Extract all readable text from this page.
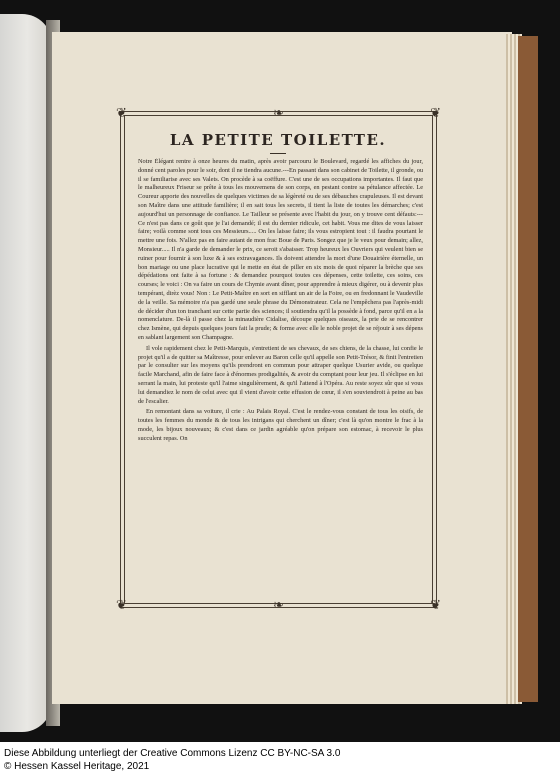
❦	❦
❦	❦
❧
❧
LA PETITE TOILETTE.

Notre Élégant rentre à onze heures du matin, après avoir parcouru le Boulevard, regardé les affiches du jour, donné cent paroles pour le soir, dont il ne tiendra aucune.---En passant dans son cabinet de Toilette, il gronde, ou il se familiarise avec ses Valets. On procède à sa coëffure. C'est une de ses occupations importantes. Il faut que le malheureux Friseur se prête à tous les mouvemens de son corps, en pestant contre sa pétulance affectée. Le Coureur apporte des nouvelles de quelques victimes de sa légèreté ou de ses débauches crapuleuses. Il est devant son Maître dans une attitude familière; il en sait tous les secrets, il tient la liste de toutes les démarches; c'est aujourd'hui un personnage de confiance. Le Tailleur se présente avec l'habit du jour, on y trouve cent défauts:---Ce n'est pas dans ce goût que je l'ai demandé; il est du dernier ridicule, cet habit. Vous me dites de vous laisser faire; voilà comme sont tous ces Messieurs..... On les laisse faire; ils vous estropient tout : il faudra pourtant le mettre une fois. N'allez pas en faire autant de mon frac Boue de Paris. Songez que je le veux pour demain; allez, Monsieur..... Il n'a garde de demander le prix, ce seroit s'abaisser. Trop heureux les Ouvriers qui veulent bien se ruiner pour fournir à son luxe & à ses extravagances. Ils doivent attendre la mort d'une Douairière éternelle, un bon mariage ou une place lucrative qui le mette en état de piller en six mois de quoi réparer la brèche que ses dépédations ont faite à sa fortune : & demandez pourquoi toutes ces dépenses, cette toilette, ces soins, ces courses; le voici : On va faire un cours de Chymie avant dîner, pour apprendre à mieux digérer, ou à devenir plus tempérant, dirèz vous! Non : Le Petit-Maître en sort en sifflant un air de la Foire, ou en fredonnant le Vaudeville de la veille. Sa mémoire n'a pas gardé une seule phrase du Démonstrateur. Cela ne l'empêchera pas l'après-midi de décider d'un ton tranchant sur cette partie des sciences; il soutiendra qu'il la possède à fond, parce qu'il en a la nomenclature. De-là il passe chez la minaudière Cidalise, découpe quelques oiseaux, la prie de se rencontrer chez Ismène, qui depuis quelques jours fait la prude; & forme avec elle le noble projet de se réjouir à ses dépens en sablant largement son Champagne.

Il vole rapidement chez le Petit-Marquis, s'entretient de ses chevaux, de ses chiens, de la chasse, lui confie le projet qu'il a de quitter sa Maîtresse, pour enlever au Baron celle qu'il appelle son Petit-Trésor, & finit l'entretien par le consulter sur les moyens qu'ils prendront en commun pour attraper quelque Usurier avide, ou quelque facile Marchand, afin de faire face à d'énormes prodigalités, & avoir du comptant pour leur jeu. Il s'éclipse en lui serrant la main, lui proteste qu'il l'aime singulièrement, & qu'il l'attend à l'Opéra. Au reste soyez sûr que si vous lui demandiez le nom de celui avec qui il vient d'avoir cette effusion de cœur, il s'en souviendroit à peine au bas de l'escalier.

En remontant dans sa voiture, il crie : Au Palais Royal. C'est le rendez-vous constant de tous les oisifs, de toutes les femmes du monde & de tous les intrigans qui cherchent un dîner; c'est là qu'on montre le frac à la mode, les bijoux nouveaux; & c'est dans ce jardin agréable qu'on prépare son estomac, à recevoir le plus succulent repas. On

Diese Abbildung unterliegt der Creative Commons Lizenz CC BY-NC-SA 3.0
© Hessen Kassel Heritage, 2021
